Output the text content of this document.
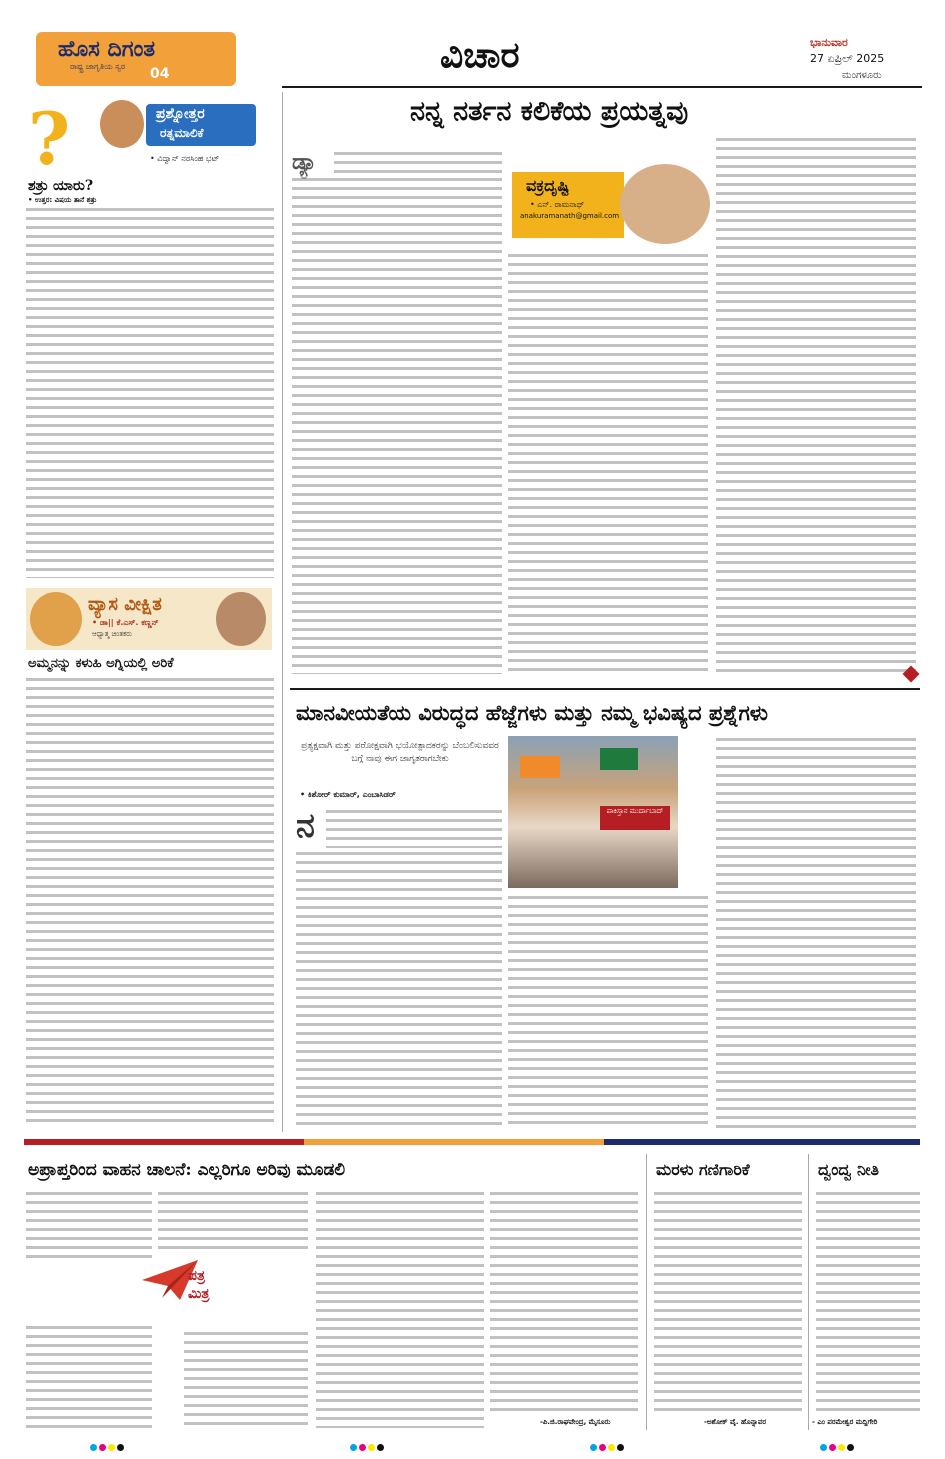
ಹೊಸ ದಿಗಂತ
ರಾಷ್ಟ್ರ ಜಾಗೃತಿಯ ಸ್ವರ 04	ವಿಚಾರ	ಭಾನುವಾರ
27 ಏಪ್ರಿಲ್ 2025
ಮಂಗಳೂರು
?	ಪ್ರಶ್ನೋತ್ತರ
ರತ್ನಮಾಲಿಕೆ
• ವಿದ್ವಾನ್ ನರಸಿಂಹ ಭಟ್
ಶತ್ರು ಯಾರು?
• ಉತ್ತರ: ವಿಷಯ ತಾನೆ ಶತ್ರು
ವ್ಯಾಸ ವೀಕ್ಷಿತ
• ಡಾ|| ಕೆ.ಎಸ್. ಕಣ್ಣನ್
ಆಧ್ಯಾತ್ಮ ಚಿಂತಕರು
ಅಮ್ಮನನ್ನು ಕಳುಹಿ ಅಗ್ನಿಯಲ್ಲಿ ಅರಿಕೆ
ನನ್ನ ನರ್ತನ ಕಲಿಕೆಯ ಪ್ರಯತ್ನವು
ಡ್ಯಾ
ವಕ್ರದೃಷ್ಟಿ
• ಎನ್. ರಾಮನಾಥ್
anakuramanath@gmail.com
ಮಾನವೀಯತೆಯ ವಿರುದ್ಧದ ಹೆಜ್ಜೆಗಳು ಮತ್ತು ನಮ್ಮ ಭವಿಷ್ಯದ ಪ್ರಶ್ನೆಗಳು
ಪ್ರತ್ಯಕ್ಷವಾಗಿ ಮತ್ತು ಪರೋಕ್ಷವಾಗಿ ಭಯೋತ್ಪಾದಕರನ್ನು ಬೆಂಬಲಿಸುವವರ ಬಗ್ಗೆ ನಾವು ಈಗ ಜಾಗೃತರಾಗಬೇಕು
• ಕಿಶೋರ್ ಕುಮಾರ್, ಎಂಬಾಸಿಡರ್
ನ	ಪಾಕಿಸ್ತಾನ ಮುರ್ದಾಬಾದ್
ಅಪ್ರಾಪ್ತರಿಂದ ವಾಹನ ಚಾಲನೆ: ಎಲ್ಲರಿಗೂ ಅರಿವು ಮೂಡಲಿ
ಪತ್ರ
ಮಿತ್ರ
-ಪಿ.ಜಿ.ರಾಘವೇಂದ್ರ, ಮೈಸೂರು
ಮರಳು ಗಣಿಗಾರಿಕೆ
-ಅಶೋಕ್ ವೈ. ಹೊನ್ನಾವರ
ದ್ವಂದ್ವ ನೀತಿ
- ಎಂ ಪರಮೇಶ್ವರ ಮದ್ದಿಗೇರಿ
